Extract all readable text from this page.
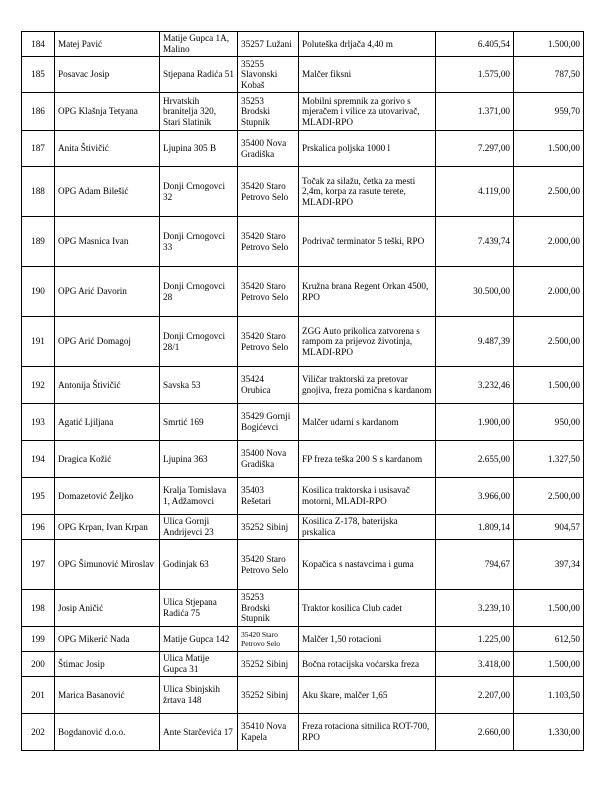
184	Matej Pavić	Matije Gupca 1A, Malino	35257 Lužani	Poluteška drljača 4,40 m	6.405,54	1.500,00
185	Posavac Josip	Stjepana Radića 51	35255 Slavonski Kobaš	Malčer fiksni	1.575,00	787,50
186	OPG Klašnja Tetyana	Hrvatskih branitelja 320, Stari Slatinik	35253 Brodski Stupnik	Mobilni spremnik za gorivo s mjeračem i vilice za utovarivač, MLADI-RPO	1.371,00	959,70
187	Anita Štivičić	Ljupina 305 B	35400 Nova Gradiška	Prskalica poljska 1000 l	7.297,00	1.500,00
188	OPG Adam Bilešić	Donji Crnogovci 32	35420 Staro Petrovo Selo	Točak za silažu, četka za mesti 2,4m, korpa za rasute terete, MLADI-RPO	4.119,00	2.500,00
189	OPG Masnica Ivan	Donji Crnogovci 33	35420 Staro Petrovo Selo	Podrivač terminator 5 teški, RPO	7.439,74	2.000,00
190	OPG Arić Davorin	Donji Crnogovci 28	35420 Staro Petrovo Selo	Kružna brana Regent Orkan 4500, RPO	30.500,00	2.000,00
191	OPG Arić Domagoj	Donji Crnogovci 28/1	35420 Staro Petrovo Selo	ZGG Auto prikolica zatvorena s rampom za prijevoz životinja, MLADI-RPO	9.487,39	2.500,00
192	Antonija Štivičić	Savska 53	35424 Orubica	Viličar traktorski za pretovar gnojiva, freza pomična s kardanom	3.232,46	1.500,00
193	Agatić Ljiljana	Smrtić 169	35429 Gornji Bogićevci	Malčer udarni s kardanom	1.900,00	950,00
194	Dragica Kožić	Ljupina 363	35400 Nova Gradiška	FP freza teška 200 S s kardanom	2.655,00	1.327,50
195	Domazetović Željko	Kralja Tomislava 1, Adžamovci	35403 Rešetari	Kosilica traktorska i usisavač motorni, MLADI-RPO	3.966,00	2.500,00
196	OPG Krpan, Ivan Krpan	Ulica Gornji Andrijevci 23	35252 Sibinj	Kosilica Z-178, baterijska prskalica	1.809,14	904,57
197	OPG Šimunović Miroslav	Godinjak 63	35420 Staro Petrovo Selo	Kopačica s nastavcima i guma	794,67	397,34
198	Josip Aničić	Ulica Stjepana Radića 75	35253 Brodski Stupnik	Traktor kosilica Club cadet	3.239,10	1.500,00
199	OPG Mikerić Nada	Matije Gupca 142	35420 Staro Petrovo Selo	Malčer 1,50 rotacioni	1.225,00	612,50
200	Štimac Josip	Ulica Matije Gupca 31	35252 Sibinj	Bočna rotacijska voćarska freza	3.418,00	1.500,00
201	Marica Basanović	Ulica Sbinjskih žrtava 148	35252 Sibinj	Aku škare, malčer 1,65	2.207,00	1.103,50
202	Bogdanović d.o.o.	Ante Starčevića 17	35410 Nova Kapela	Freza rotaciona sitnilica ROT-700, RPO	2.660,00	1.330,00
